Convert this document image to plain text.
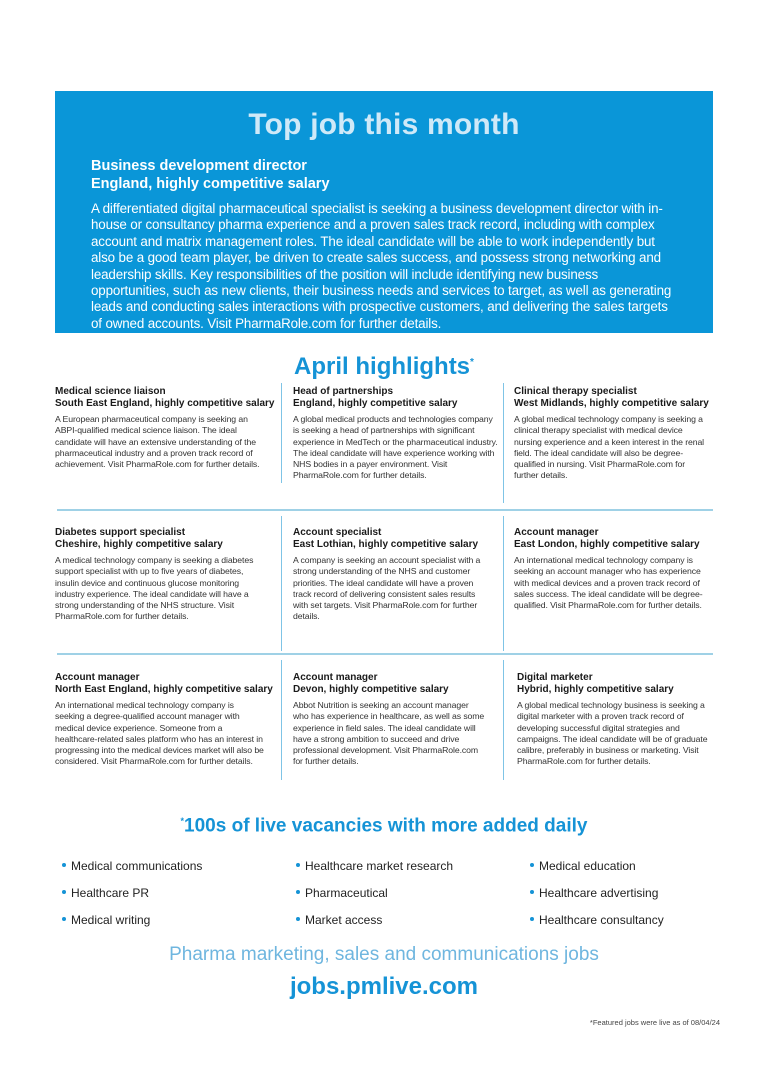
Top job this month
Business development director
England, highly competitive salary

A differentiated digital pharmaceutical specialist is seeking a business development director with in-house or consultancy pharma experience and a proven sales track record, including with complex account and matrix management roles. The ideal candidate will be able to work independently but also be a good team player, be driven to create sales success, and possess strong networking and leadership skills. Key responsibilities of the position will include identifying new business opportunities, such as new clients, their business needs and services to target, as well as generating leads and conducting sales interactions with prospective customers, and delivering the sales targets of owned accounts. Visit PharmaRole.com for further details.

April highlights*
Medical science liaison
South East England, highly competitive salary

A European pharmaceutical company is seeking an ABPI-qualified medical science liaison. The ideal candidate will have an extensive understanding of the pharmaceutical industry and a proven track record of achievement. Visit PharmaRole.com for further details.

Head of partnerships
England, highly competitive salary

A global medical products and technologies company is seeking a head of partnerships with significant experience in MedTech or the pharmaceutical industry. The ideal candidate will have experience working with NHS bodies in a payer environment. Visit PharmaRole.com for further details.

Clinical therapy specialist
West Midlands, highly competitive salary

A global medical technology company is seeking a clinical therapy specialist with medical device nursing experience and a keen interest in the renal field. The ideal candidate will also be degree-qualified in nursing. Visit PharmaRole.com for further details.

Diabetes support specialist
Cheshire, highly competitive salary

A medical technology company is seeking a diabetes support specialist with up to five years of diabetes, insulin device and continuous glucose monitoring industry experience. The ideal candidate will have a strong understanding of the NHS structure. Visit PharmaRole.com for further details.

Account specialist
East Lothian, highly competitive salary

A company is seeking an account specialist with a strong understanding of the NHS and customer priorities. The ideal candidate will have a proven track record of delivering consistent sales results with set targets. Visit PharmaRole.com for further details.

Account manager
East London, highly competitive salary

An international medical technology company is seeking an account manager who has experience with medical devices and a proven track record of sales success. The ideal candidate will be degree-qualified. Visit PharmaRole.com for further details.

Account manager
North East England, highly competitive salary

An international medical technology company is seeking a degree-qualified account manager with medical device experience. Someone from a healthcare-related sales platform who has an interest in progressing into the medical devices market will also be considered. Visit PharmaRole.com for further details.

Account manager
Devon, highly competitive salary

Abbot Nutrition is seeking an account manager who has experience in healthcare, as well as some experience in field sales. The ideal candidate will have a strong ambition to succeed and drive professional development. Visit PharmaRole.com for further details.

Digital marketer
Hybrid, highly competitive salary

A global medical technology business is seeking a digital marketer with a proven track record of developing successful digital strategies and campaigns. The ideal candidate will be of graduate calibre, preferably in business or marketing. Visit PharmaRole.com for further details.

*100s of live vacancies with more added daily
Medical communications
Healthcare PR
Medical writing
Healthcare market research
Pharmaceutical
Market access
Medical education
Healthcare advertising
Healthcare consultancy
Pharma marketing, sales and communications jobs
jobs.pmlive.com
*Featured jobs were live as of 08/04/24
